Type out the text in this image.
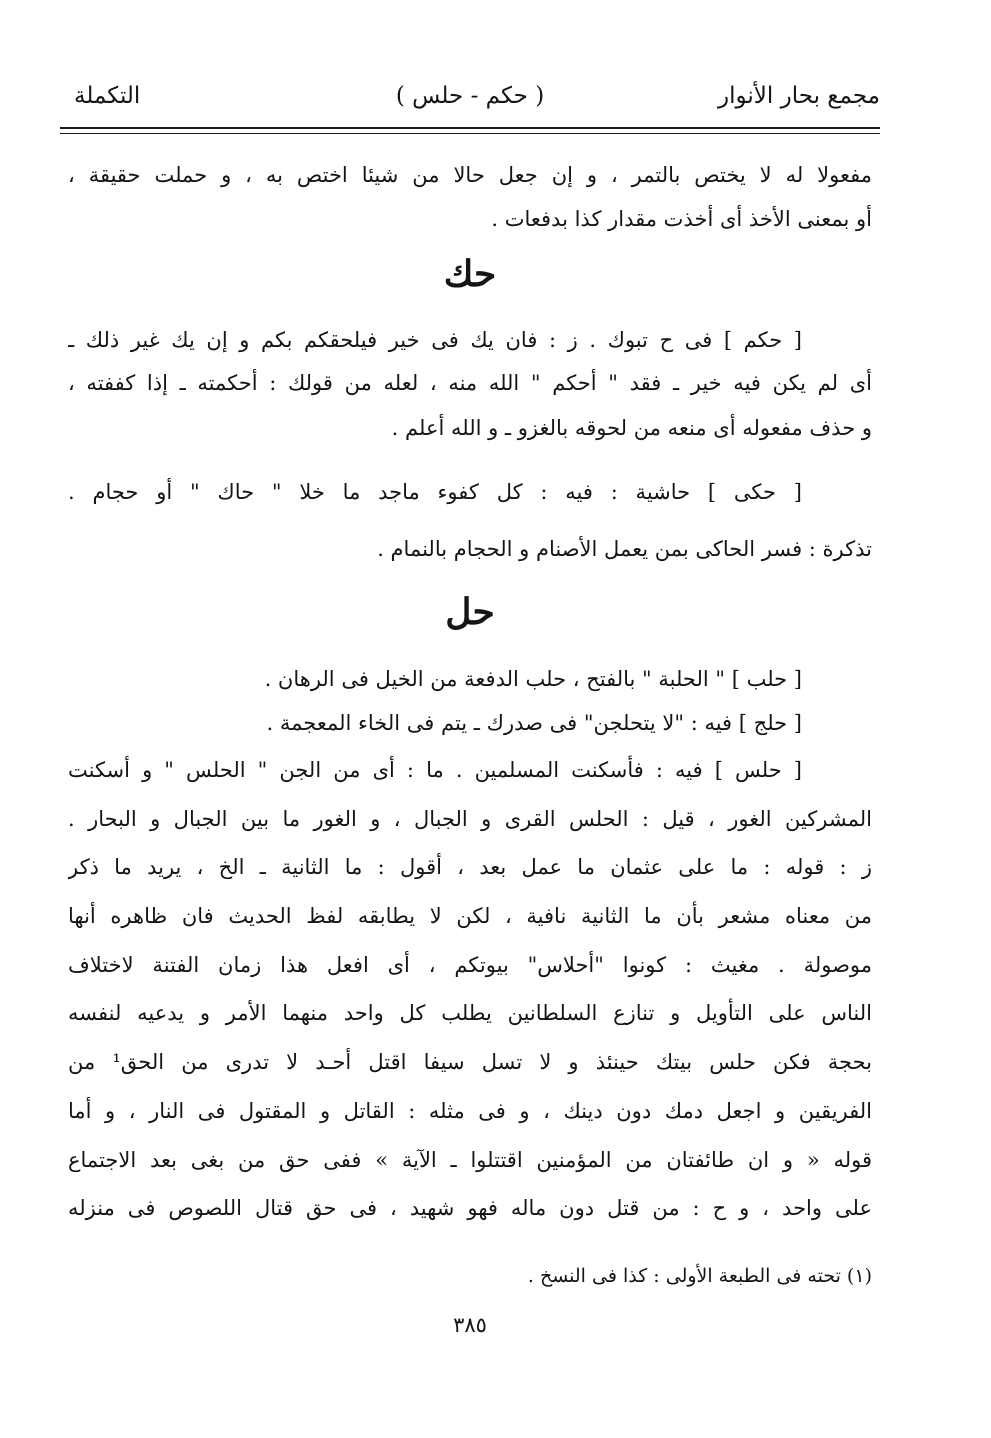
مجمع بحار الأنوار
( حكم - حلس )
التكملة
مفعولا له لا يختص بالتمر ، و إن جعل حالا من شيئا اختص به ، و حملت حقيقة ،
أو بمعنى الأخذ أى أخذت مقدار كذا بدفعات .
حك
[ حكم ] فى ح تبوك . ز : فان يك فى خير فيلحقكم بكم و إن يك غير ذلك ـ
أى لم يكن فيه خير ـ فقد " أحكم " الله منه ، لعله من قولك : أحكمته ـ إذا كففته ،
و حذف مفعوله أى منعه من لحوقه بالغزو ـ و الله أعلم .
[ حكى ] حاشية : فيه : كل كفوء ماجد ما خلا " حاك " أو حجام .
تذكرة : فسر الحاكى بمن يعمل الأصنام و الحجام بالنمام .
حل
[ حلب ] " الحلبة " بالفتح ، حلب الدفعة من الخيل فى الرهان .
[ حلج ] فيه : "لا يتحلجن" فى صدرك ـ يتم فى الخاء المعجمة .
[ حلس ] فيه : فأسكنت المسلمين . ما : أى من الجن " الحلس " و أسكنت
المشركين الغور ، قيل : الحلس القرى و الجبال ، و الغور ما بين الجبال و البحار .
ز : قوله : ما على عثمان ما عمل بعد ، أقول : ما الثانية ـ الخ ، يريد ما ذكر
من معناه مشعر بأن ما الثانية نافية ، لكن لا يطابقه لفظ الحديث فان ظاهره أنها
موصولة . مغيث : كونوا "أحلاس" بيوتكم ، أى افعل هذا زمان الفتنة لاختلاف
الناس على التأويل و تنازع السلطانين يطلب كل واحد منهما الأمر و يدعيه لنفسه
بحجة فكن حلس بيتك حينئذ و لا تسل سيفا اقتل أحـد لا تدرى من الحق¹ من
الفريقين و اجعل دمك دون دينك ، و فى مثله : القاتل و المقتول فى النار ، و أما
قوله « و ان طائفتان من المؤمنين اقتتلوا ـ الآية » ففى حق من بغى بعد الاجتماع
على واحد ، و ح : من قتل دون ماله فهو شهيد ، فى حق قتال اللصوص فى منزله
(١) تحته فى الطبعة الأولى : كذا فى النسخ .
٣٨٥
